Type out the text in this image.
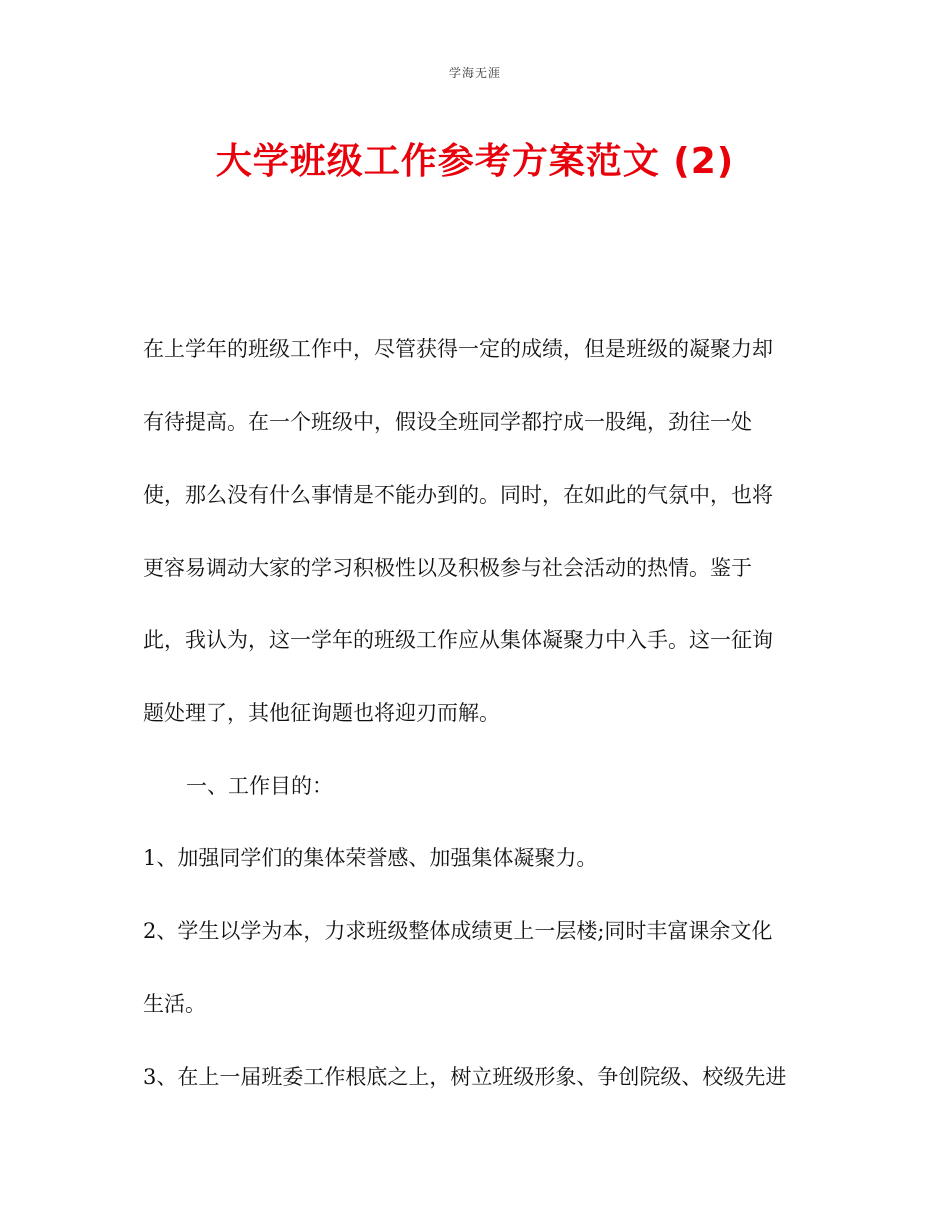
学海无涯
大学班级工作参考方案范文 (2)
在上学年的班级工作中，尽管获得一定的成绩，但是班级的凝聚力却
有待提高。在一个班级中，假设全班同学都拧成一股绳，劲往一处
使，那么没有什么事情是不能办到的。同时，在如此的气氛中，也将
更容易调动大家的学习积极性以及积极参与社会活动的热情。鉴于
此，我认为，这一学年的班级工作应从集体凝聚力中入手。这一征询
题处理了，其他征询题也将迎刃而解。
一、工作目的：
1、加强同学们的集体荣誉感、加强集体凝聚力。
2、学生以学为本，力求班级整体成绩更上一层楼;同时丰富课余文化
生活。
3、在上一届班委工作根底之上，树立班级形象、争创院级、校级先进
